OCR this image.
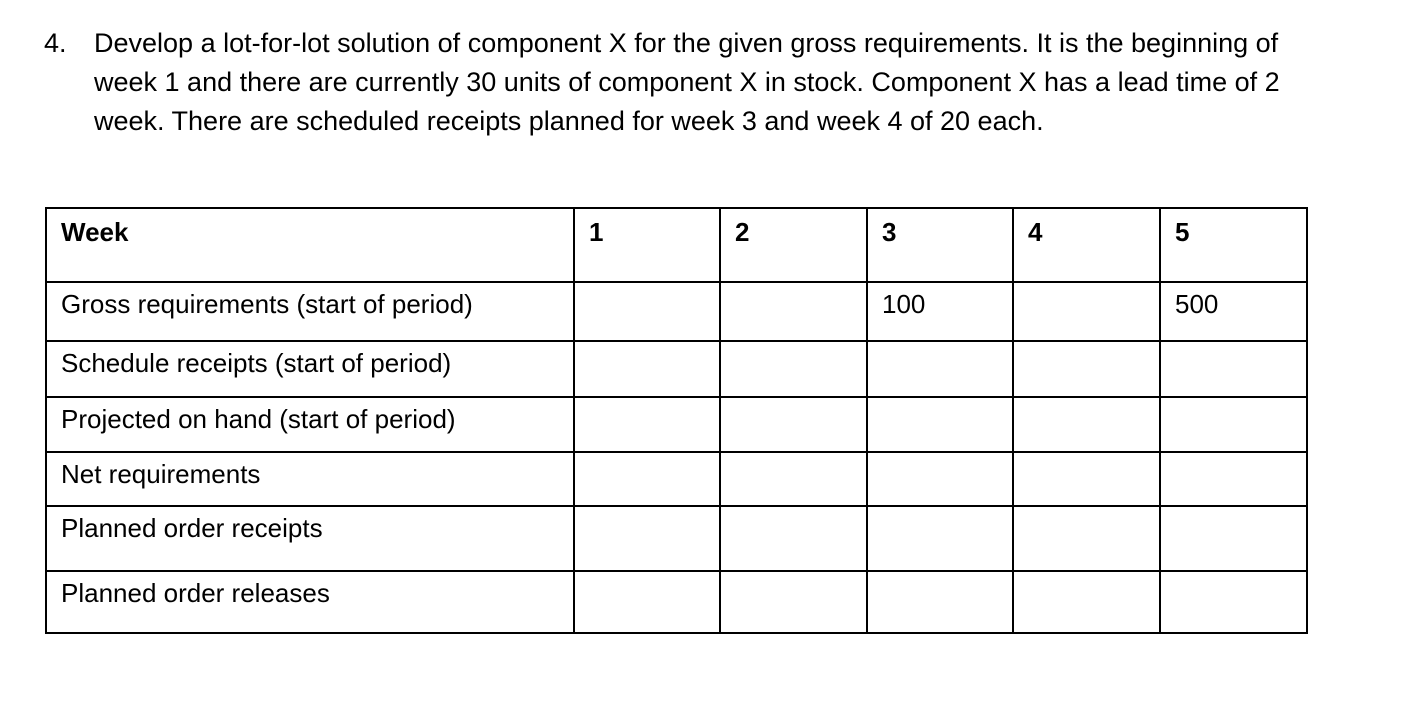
4.	Develop a lot-for-lot solution of component X for the given gross requirements. It is the beginning of week 1 and there are currently 30 units of component X in stock. Component X has a lead time of 2 week. There are scheduled receipts planned for week 3 and week 4 of 20 each.
Week	1	2	3	4	5
Gross requirements (start of period)			100		500
Schedule receipts (start of period)					
Projected on hand (start of period)					
Net requirements					
Planned order receipts					
Planned order releases					
